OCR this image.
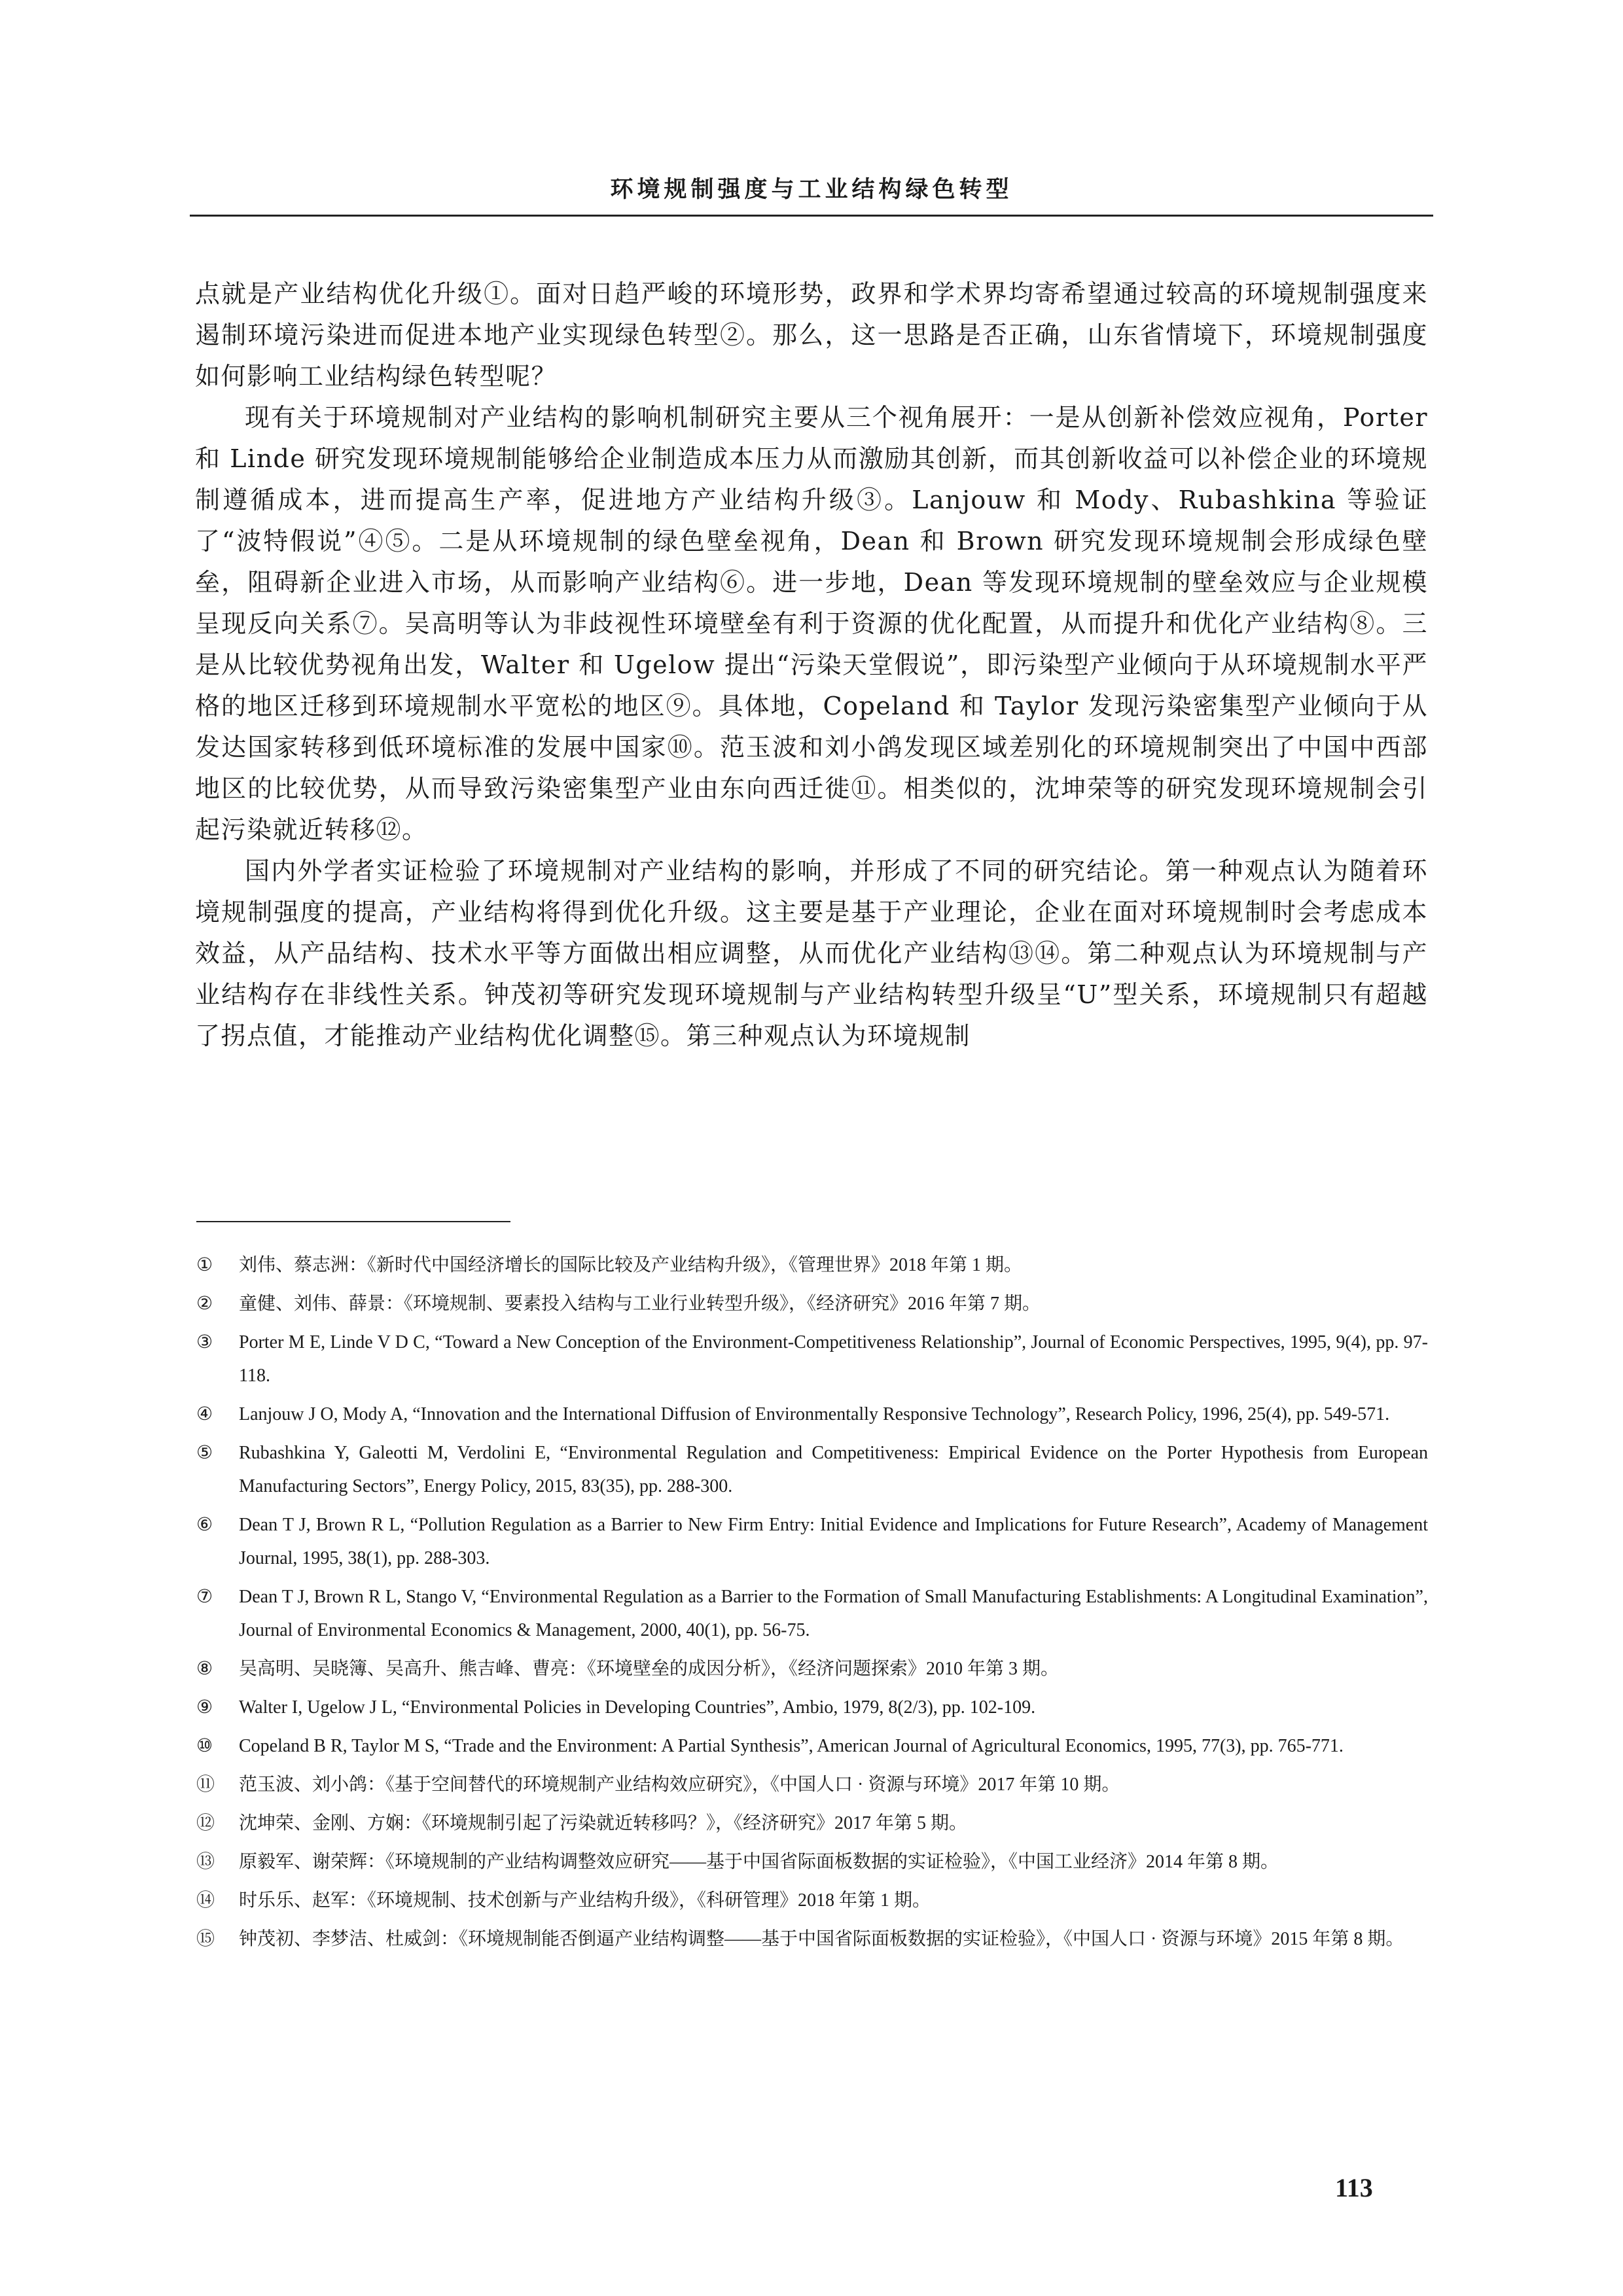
环境规制强度与工业结构绿色转型

点就是产业结构优化升级①。面对日趋严峻的环境形势，政界和学术界均寄希望通过较高的环境规制强度来遏制环境污染进而促进本地产业实现绿色转型②。那么，这一思路是否正确，山东省情境下，环境规制强度如何影响工业结构绿色转型呢？

现有关于环境规制对产业结构的影响机制研究主要从三个视角展开：一是从创新补偿效应视角，Porter 和 Linde 研究发现环境规制能够给企业制造成本压力从而激励其创新，而其创新收益可以补偿企业的环境规制遵循成本，进而提高生产率，促进地方产业结构升级③。Lanjouw 和 Mody、Rubashkina 等验证了“波特假说”④⑤。二是从环境规制的绿色壁垒视角，Dean 和 Brown 研究发现环境规制会形成绿色壁垒，阻碍新企业进入市场，从而影响产业结构⑥。进一步地，Dean 等发现环境规制的壁垒效应与企业规模呈现反向关系⑦。吴高明等认为非歧视性环境壁垒有利于资源的优化配置，从而提升和优化产业结构⑧。三是从比较优势视角出发，Walter 和 Ugelow 提出“污染天堂假说”，即污染型产业倾向于从环境规制水平严格的地区迁移到环境规制水平宽松的地区⑨。具体地，Copeland 和 Taylor 发现污染密集型产业倾向于从发达国家转移到低环境标准的发展中国家⑩。范玉波和刘小鸽发现区域差别化的环境规制突出了中国中西部地区的比较优势，从而导致污染密集型产业由东向西迁徙⑪。相类似的，沈坤荣等的研究发现环境规制会引起污染就近转移⑫。

国内外学者实证检验了环境规制对产业结构的影响，并形成了不同的研究结论。第一种观点认为随着环境规制强度的提高，产业结构将得到优化升级。这主要是基于产业理论，企业在面对环境规制时会考虑成本效益，从产品结构、技术水平等方面做出相应调整，从而优化产业结构⑬⑭。第二种观点认为环境规制与产业结构存在非线性关系。钟茂初等研究发现环境规制与产业结构转型升级呈“U”型关系，环境规制只有超越了拐点值，才能推动产业结构优化调整⑮。第三种观点认为环境规制

① 刘伟、蔡志洲：《新时代中国经济增长的国际比较及产业结构升级》，《管理世界》2018 年第 1 期。

② 童健、刘伟、薛景：《环境规制、要素投入结构与工业行业转型升级》，《经济研究》2016 年第 7 期。

③ Porter M E, Linde V D C, “Toward a New Conception of the Environment-Competitiveness Relationship”, Journal of Economic Perspectives, 1995, 9(4), pp. 97-118.

④ Lanjouw J O, Mody A, “Innovation and the International Diffusion of Environmentally Responsive Technology”, Research Policy, 1996, 25(4), pp. 549-571.

⑤ Rubashkina Y, Galeotti M, Verdolini E, “Environmental Regulation and Competitiveness: Empirical Evidence on the Porter Hypothesis from European Manufacturing Sectors”, Energy Policy, 2015, 83(35), pp. 288-300.

⑥ Dean T J, Brown R L, “Pollution Regulation as a Barrier to New Firm Entry: Initial Evidence and Implications for Future Research”, Academy of Management Journal, 1995, 38(1), pp. 288-303.

⑦ Dean T J, Brown R L, Stango V, “Environmental Regulation as a Barrier to the Formation of Small Manufacturing Establishments: A Longitudinal Examination”, Journal of Environmental Economics & Management, 2000, 40(1), pp. 56-75.

⑧ 吴高明、吴晓簿、吴高升、熊吉峰、曹亮：《环境壁垒的成因分析》，《经济问题探索》2010 年第 3 期。

⑨ Walter I, Ugelow J L, “Environmental Policies in Developing Countries”, Ambio, 1979, 8(2/3), pp. 102-109.

⑩ Copeland B R, Taylor M S, “Trade and the Environment: A Partial Synthesis”, American Journal of Agricultural Economics, 1995, 77(3), pp. 765-771.

⑪ 范玉波、刘小鸽：《基于空间替代的环境规制产业结构效应研究》，《中国人口 · 资源与环境》2017 年第 10 期。

⑫ 沈坤荣、金刚、方娴：《环境规制引起了污染就近转移吗？》，《经济研究》2017 年第 5 期。

⑬ 原毅军、谢荣辉：《环境规制的产业结构调整效应研究——基于中国省际面板数据的实证检验》，《中国工业经济》2014 年第 8 期。

⑭ 时乐乐、赵军：《环境规制、技术创新与产业结构升级》，《科研管理》2018 年第 1 期。

⑮ 钟茂初、李梦洁、杜威剑：《环境规制能否倒逼产业结构调整——基于中国省际面板数据的实证检验》，《中国人口 · 资源与环境》2015 年第 8 期。

113
